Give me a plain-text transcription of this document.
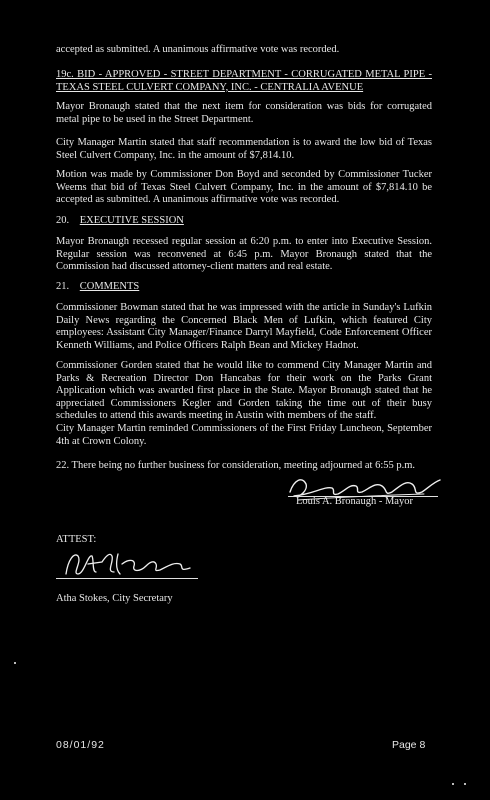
accepted as submitted. A unanimous affirmative vote was recorded.

19c. BID - APPROVED - STREET DEPARTMENT - CORRUGATED METAL PIPE - TEXAS STEEL CULVERT COMPANY, INC. - CENTRALIA AVENUE

Mayor Bronaugh stated that the next item for consideration was bids for corrugated metal pipe to be used in the Street Department.

City Manager Martin stated that staff recommendation is to award the low bid of Texas Steel Culvert Company, Inc. in the amount of $7,814.10.

Motion was made by Commissioner Don Boyd and seconded by Commissioner Tucker Weems that bid of Texas Steel Culvert Company, Inc. in the amount of $7,814.10 be accepted as submitted. A unanimous affirmative vote was recorded.

20. EXECUTIVE SESSION

Mayor Bronaugh recessed regular session at 6:20 p.m. to enter into Executive Session. Regular session was reconvened at 6:45 p.m. Mayor Bronaugh stated that the Commission had discussed attorney-client matters and real estate.

21. COMMENTS

Commissioner Bowman stated that he was impressed with the article in Sunday's Lufkin Daily News regarding the Concerned Black Men of Lufkin, which featured City employees: Assistant City Manager/Finance Darryl Mayfield, Code Enforcement Officer Kenneth Williams, and Police Officers Ralph Bean and Mickey Hadnot.

Commissioner Gorden stated that he would like to commend City Manager Martin and Parks & Recreation Director Don Hancabas for their work on the Parks Grant Application which was awarded first place in the State. Mayor Bronaugh stated that he appreciated Commissioners Kegler and Gorden taking the time out of their busy schedules to attend this awards meeting in Austin with members of the staff.

City Manager Martin reminded Commissioners of the First Friday Luncheon, September 4th at Crown Colony.

22. There being no further business for consideration, meeting adjourned at 6:55 p.m.

Louis A. Bronaugh - Mayor
ATTEST:
Atha Stokes, City Secretary
08/01/92	Page 8
